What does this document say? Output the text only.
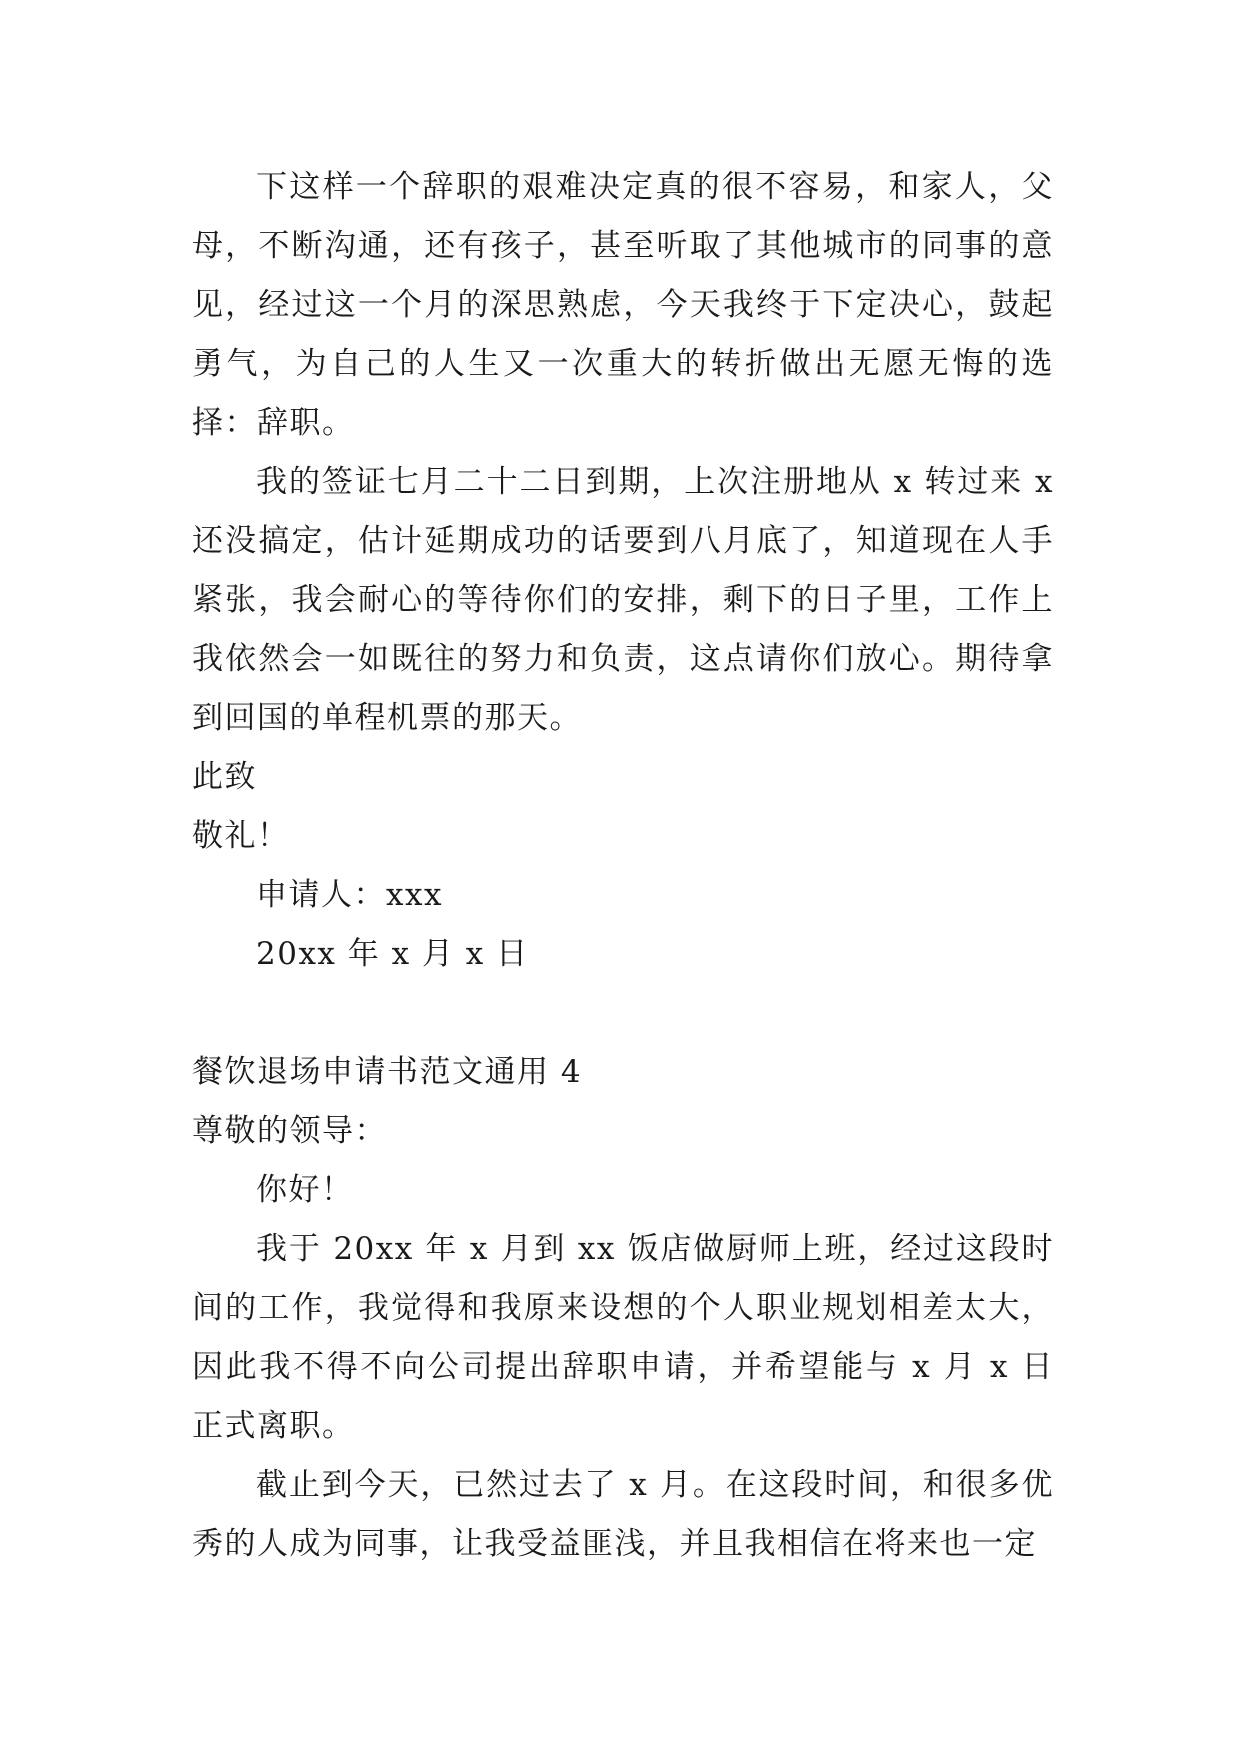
下这样一个辞职的艰难决定真的很不容易，和家人，父母，不断沟通，还有孩子，甚至听取了其他城市的同事的意见，经过这一个月的深思熟虑，今天我终于下定决心，鼓起勇气，为自己的人生又一次重大的转折做出无愿无悔的选择：辞职。

我的签证七月二十二日到期，上次注册地从 x 转过来 x 还没搞定，估计延期成功的话要到八月底了，知道现在人手紧张，我会耐心的等待你们的安排，剩下的日子里，工作上我依然会一如既往的努力和负责，这点请你们放心。期待拿到回国的单程机票的那天。

此致

敬礼！

申请人：xxx

20xx 年 x 月 x 日

餐饮退场申请书范文通用 4

尊敬的领导：

你好！

我于 20xx 年 x 月到 xx 饭店做厨师上班，经过这段时间的工作，我觉得和我原来设想的个人职业规划相差太大，因此我不得不向公司提出辞职申请，并希望能与 x 月 x 日正式离职。

截止到今天，已然过去了 x 月。在这段时间，和很多优秀的人成为同事，让我受益匪浅，并且我相信在将来也一定
